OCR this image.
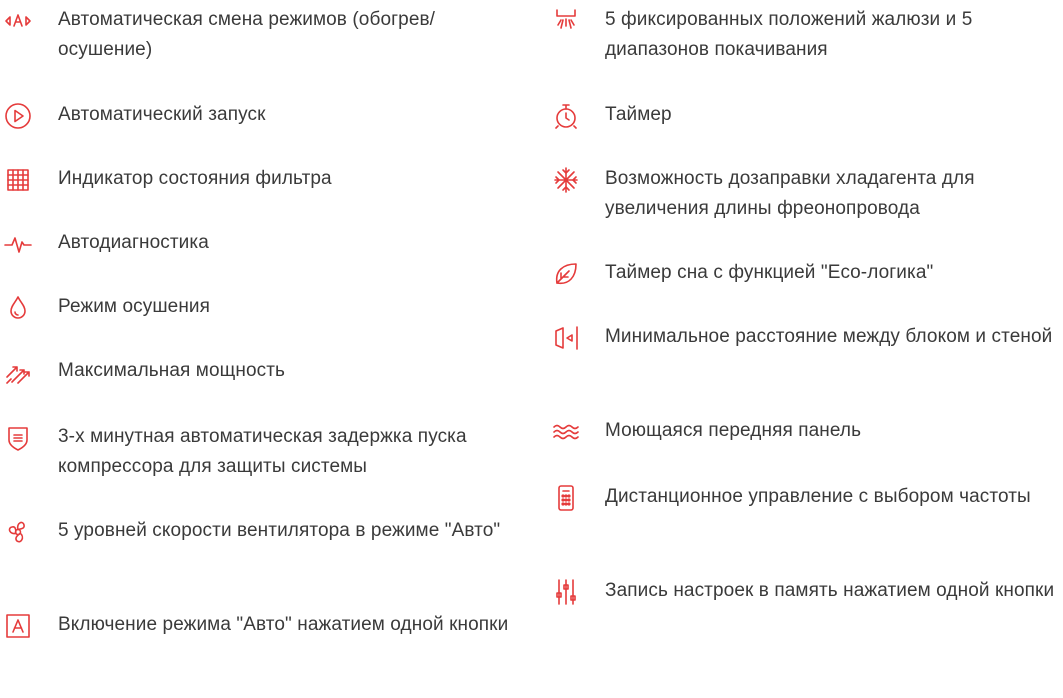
Автоматическая смена режимов (обогрев/ осушение)
Автоматический запуск
Индикатор состояния фильтра
Автодиагностика
Режим осушения
Максимальная мощность
3-х минутная автоматическая задержка пуска компрессора для защиты системы
5 уровней скорости вентилятора в режиме "Авто"
Включение режима "Авто" нажатием одной кнопки
5 фиксированных положений жалюзи и 5 диапазонов покачивания
Таймер
Возможность дозаправки хладагента для увеличения длины фреонопровода
Таймер сна с функцией "Eco-логика"
Минимальное расстояние между блоком и стеной
Моющаяся передняя панель
Дистанционное управление с выбором частоты
Запись настроек в память нажатием одной кнопки
